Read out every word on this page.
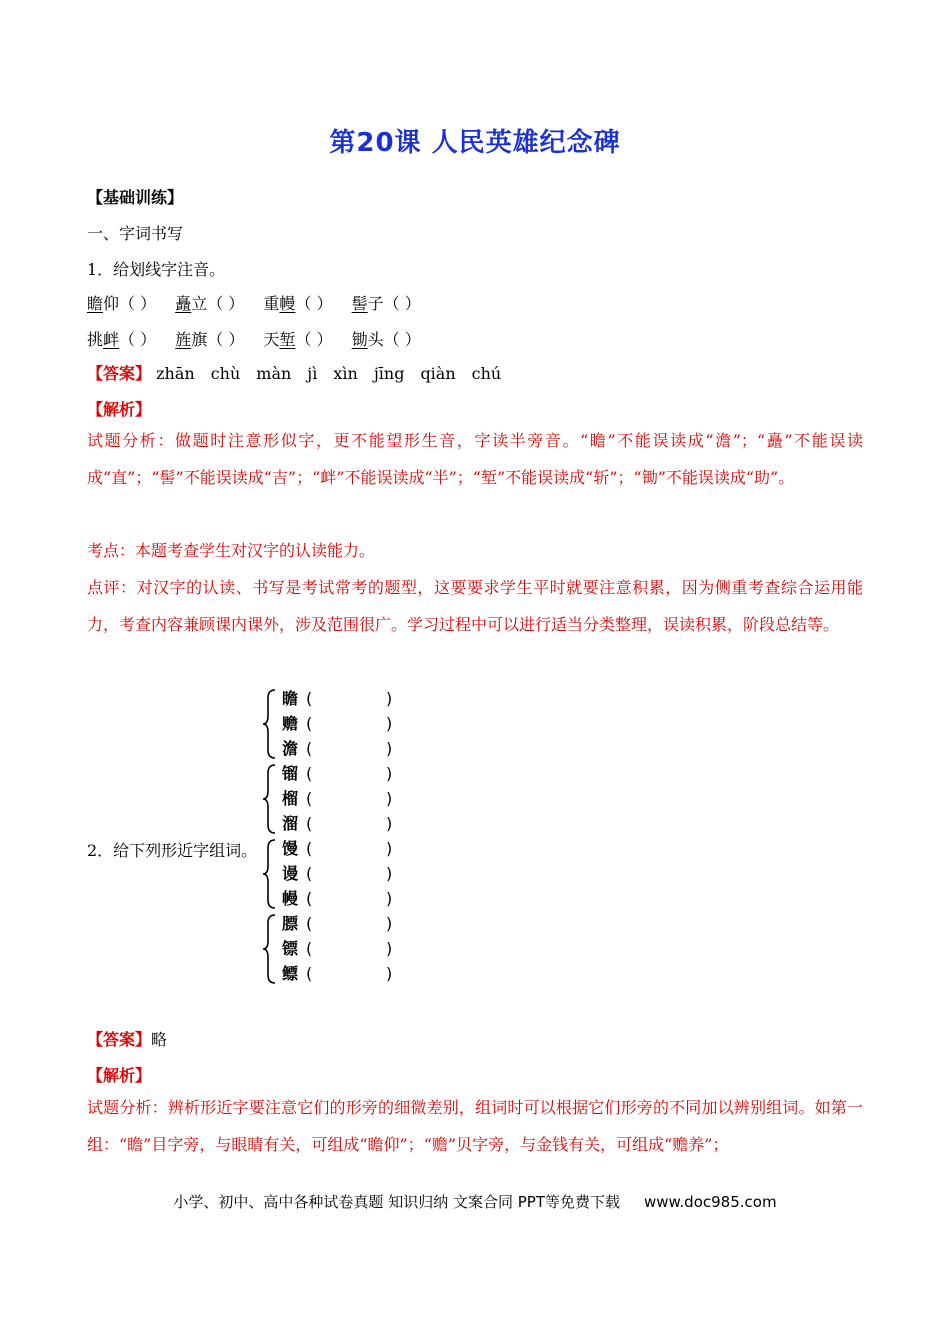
第20课 人民英雄纪念碑
【基础训练】
一、字词书写
1．给划线字注音。
瞻仰（ ） 矗立（ ） 重幔（ ） 髻子（ ）
挑衅（ ） 旌旗（ ） 天堑（ ） 锄头（ ）
【答案】 zhān chù màn jì xìn jīng qiàn chú
【解析】
试题分析：做题时注意形似字，更不能望形生音，字读半旁音。“瞻”不能误读成“澹”；“矗”不能误读成“直”；“髻”不能误读成“吉”；“衅”不能误读成“半”；“堑”不能误读成“斩”；“锄”不能误读成“助”。
考点：本题考查学生对汉字的认读能力。
点评：对汉字的认读、书写是考试常考的题型，这要要求学生平时就要注意积累，因为侧重考查综合运用能力，考查内容兼顾课内课外，涉及范围很广。学习过程中可以进行适当分类整理，误读积累，阶段总结等。
2．给下列形近字组词。
瞻 (	)
赡 (	)
澹 (	)
镏 (	)
榴 (	)
溜 (	)
馒 (	)
谩 (	)
幔 (	)
膘 (	)
镖 (	)
鳔 (	)
【答案】略
【解析】
试题分析：辨析形近字要注意它们的形旁的细微差别，组词时可以根据它们形旁的不同加以辨别组词。如第一组：“瞻”目字旁，与眼睛有关，可组成“瞻仰”；“赡”贝字旁，与金钱有关，可组成“赡养”；
小学、初中、高中各种试卷真题 知识归纳 文案合同 PPT等免费下载 www.doc985.com
